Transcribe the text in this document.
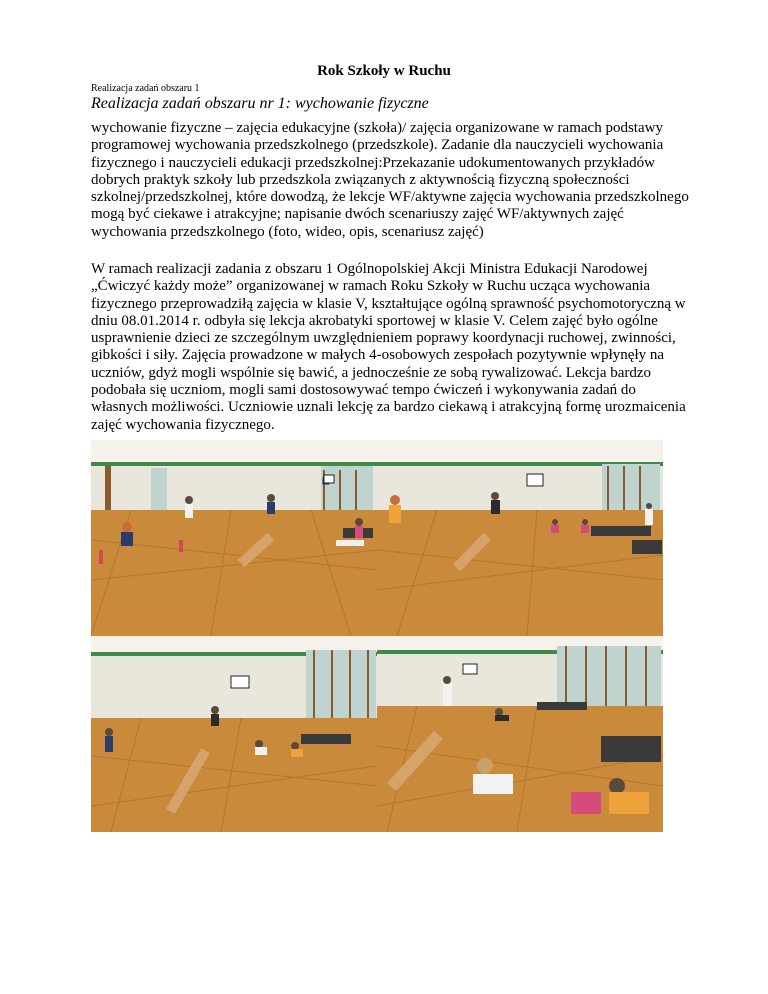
Rok Szkoły w Ruchu
Realizacja zadań obszaru 1
Realizacja zadań obszaru nr 1: wychowanie fizyczne
wychowanie fizyczne – zajęcia edukacyjne (szkoła)/ zajęcia organizowane w ramach podstawy programowej wychowania przedszkolnego (przedszkole). Zadanie dla nauczycieli wychowania fizycznego i nauczycieli edukacji przedszkolnej:Przekazanie udokumentowanych przykładów dobrych praktyk szkoły lub przedszkola związanych z aktywnością fizyczną społeczności szkolnej/przedszkolnej, które dowodzą, że lekcje WF/aktywne zajęcia wychowania przedszkolnego mogą być ciekawe i atrakcyjne; napisanie dwóch scenariuszy zajęć WF/aktywnych zajęć wychowania przedszkolnego (foto, wideo, opis, scenariusz zajęć)
W ramach realizacji zadania z obszaru 1 Ogólnopolskiej Akcji Ministra Edukacji Narodowej „Ćwiczyć każdy może” organizowanej w ramach Roku Szkoły w Ruchu ucząca wychowania fizycznego przeprowadziłą zajęcia w klasie V, kształtujące ogólną sprawność psychomotoryczną w dniu 08.01.2014 r. odbyła się lekcja akrobatyki sportowej w klasie V. Celem zajęć było ogólne usprawnienie dzieci ze szczególnym uwzględnieniem poprawy koordynacji ruchowej, zwinności, gibkości i siły. Zajęcia prowadzone w małych 4-osobowych zespołach pozytywnie wpłynęły na uczniów, gdyż mogli wspólnie się bawić, a jednocześnie ze sobą rywalizować. Lekcja bardzo podobała się uczniom, mogli sami dostosowywać tempo ćwiczeń i wykonywania zadań do własnych możliwości. Uczniowie uznali lekcję za bardzo ciekawą i atrakcyjną formę urozmaicenia zajęć wychowania fizycznego.
